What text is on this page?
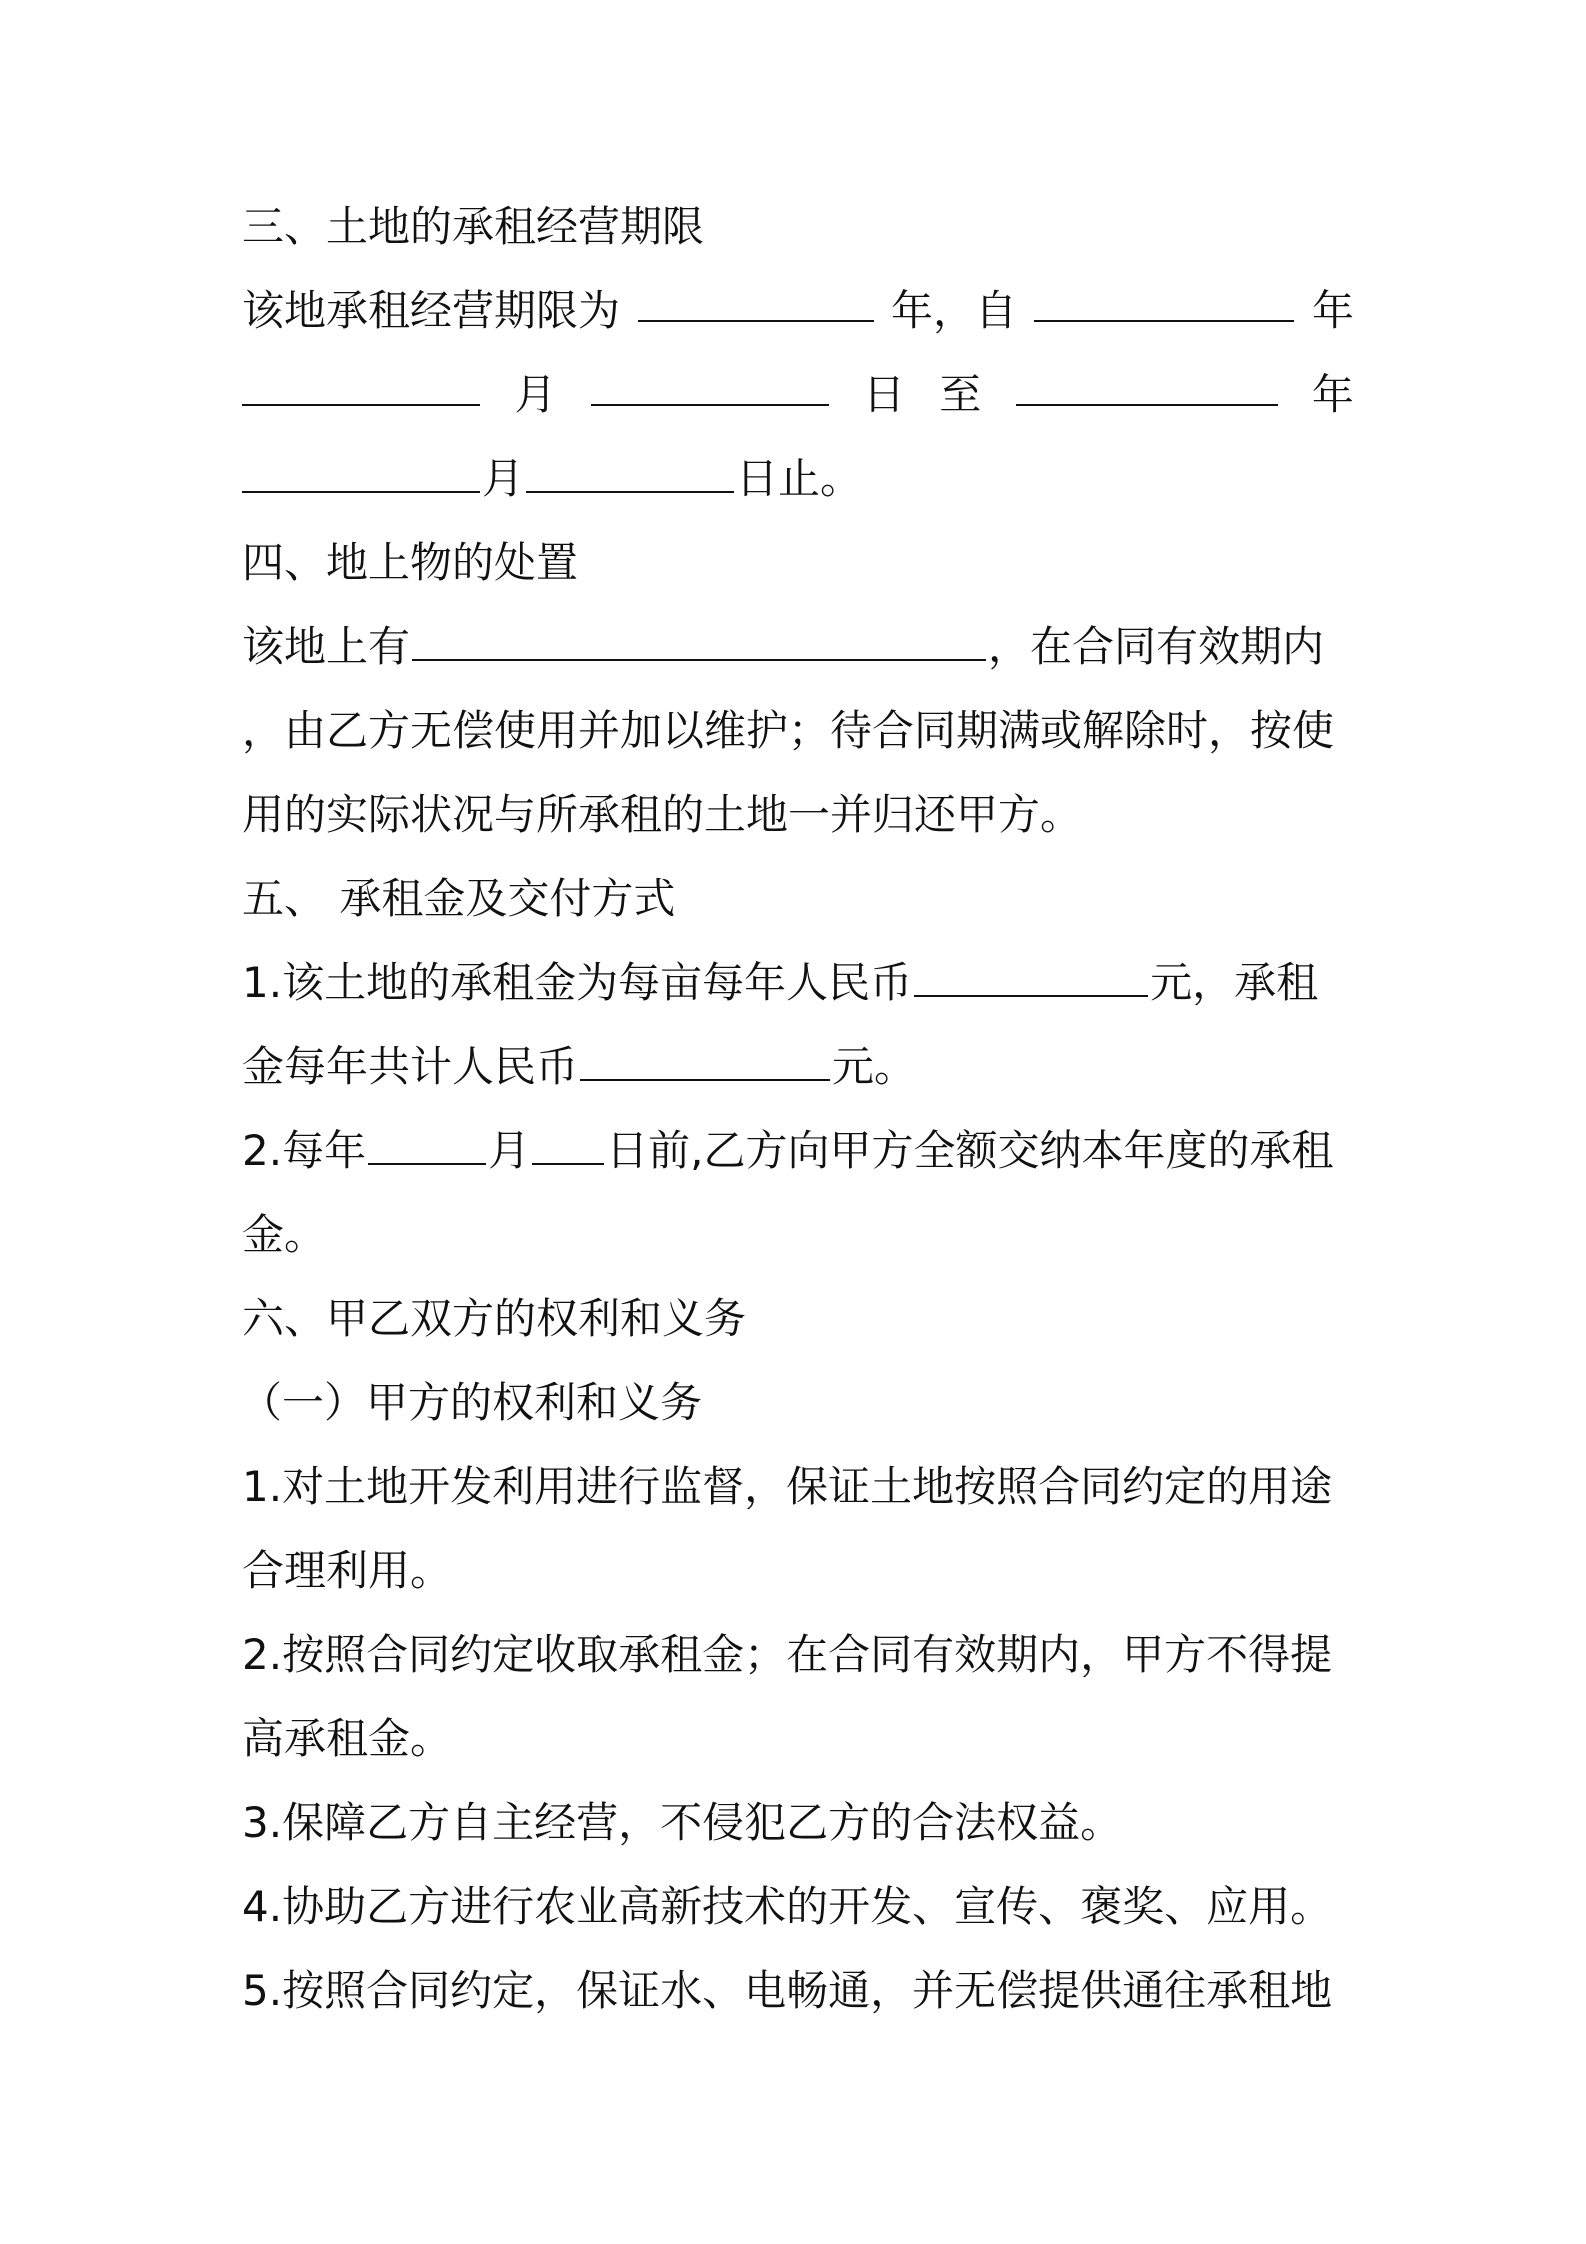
三、土地的承租经营期限
该地承租经营期限为	年，自	年
月	日 至	年
月	日止。
四、地上物的处置
该地上有	，在合同有效期内
，由乙方无偿使用并加以维护；待合同期满或解除时，按使
用的实际状况与所承租的土地一并归还甲方。
五、 承租金及交付方式
1.该土地的承租金为每亩每年人民币	元，承租
金每年共计人民币	元。
2.每年	月 日前,乙方向甲方全额交纳本年度的承租
金。
六、甲乙双方的权利和义务
（一）甲方的权利和义务
1.对土地开发利用进行监督，保证土地按照合同约定的用途
合理利用。
2.按照合同约定收取承租金；在合同有效期内，甲方不得提
高承租金。
3.保障乙方自主经营，不侵犯乙方的合法权益。
4.协助乙方进行农业高新技术的开发、宣传、褒奖、应用。
5.按照合同约定，保证水、电畅通，并无偿提供通往承租地
